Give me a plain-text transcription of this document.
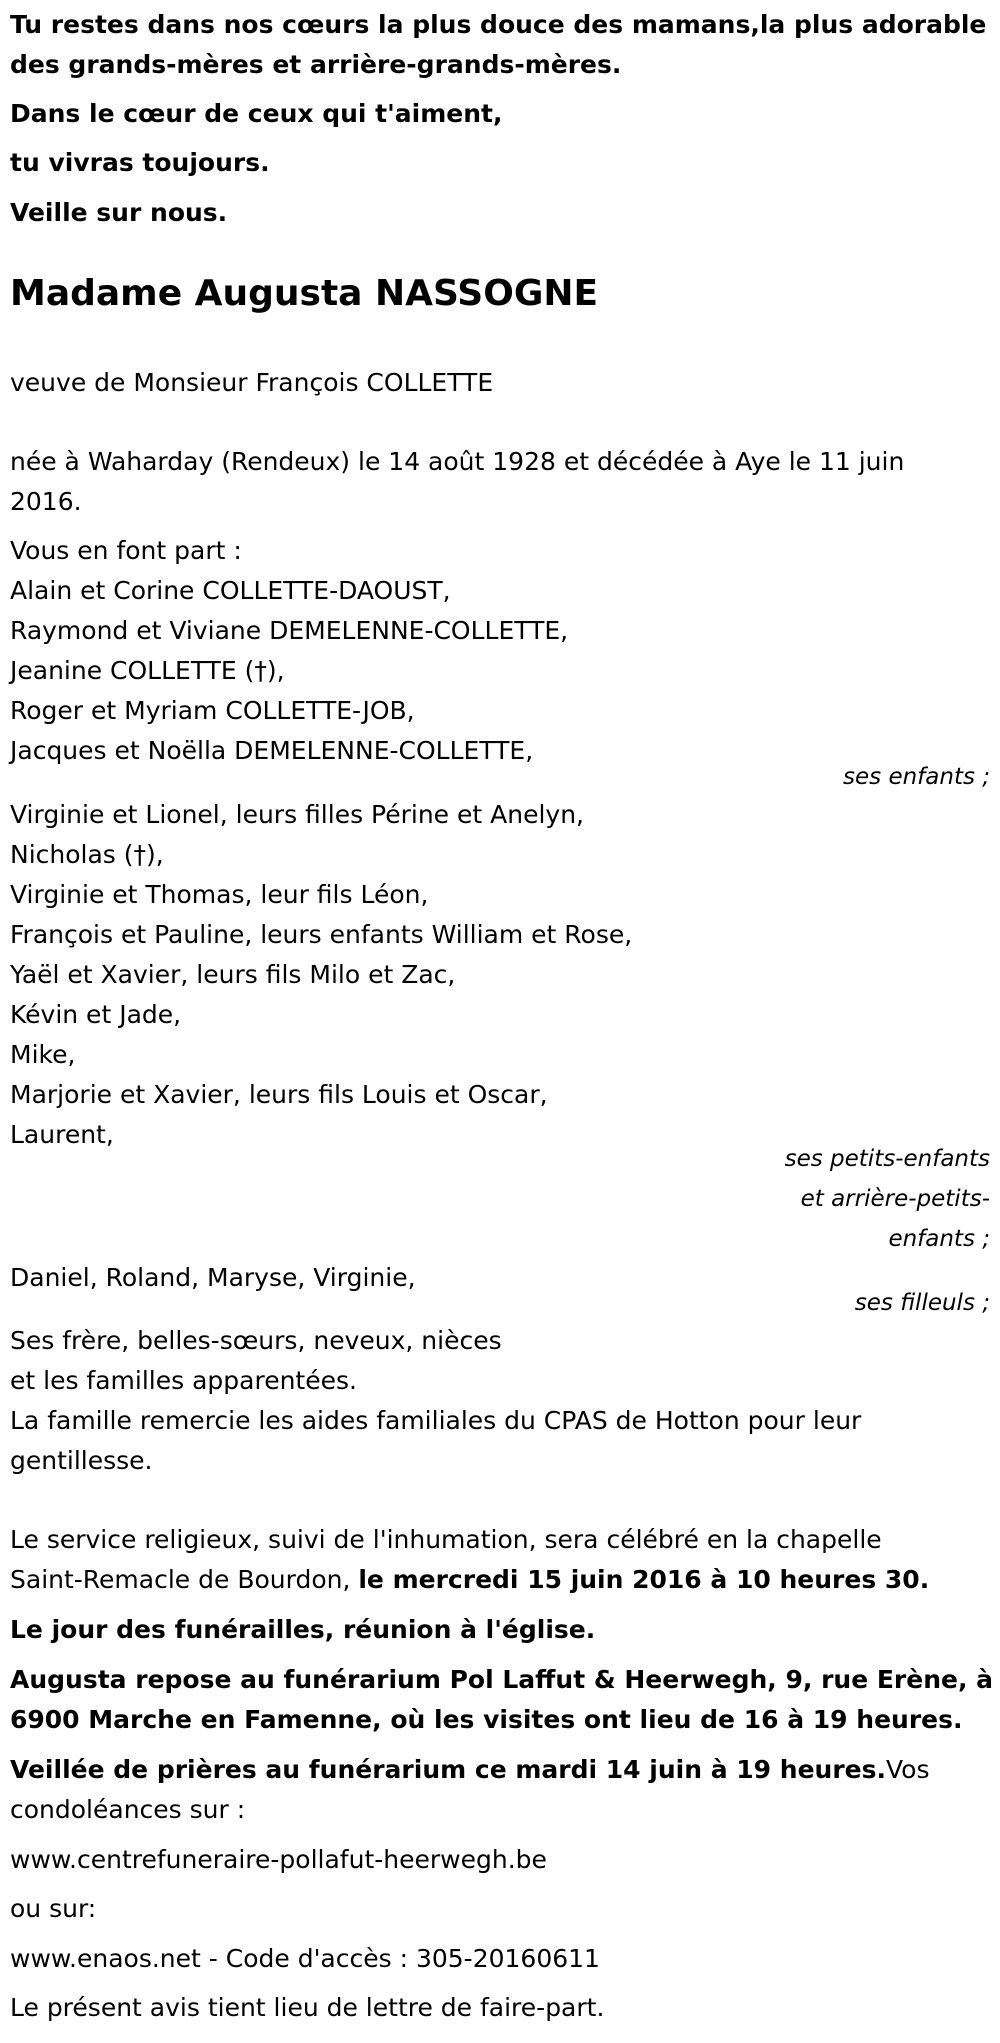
Tu restes dans nos cœurs la plus douce des mamans,la plus adorable
des grands-mères et arrière-grands-mères.
Dans le cœur de ceux qui t'aiment,
tu vivras toujours.
Veille sur nous.
Madame Augusta NASSOGNE
veuve de Monsieur François COLLETTE
née à Waharday (Rendeux) le 14 août 1928 et décédée à Aye le 11 juin
2016.
Vous en font part :
Alain et Corine COLLETTE-DAOUST,
Raymond et Viviane DEMELENNE-COLLETTE,
Jeanine COLLETTE (†),
Roger et Myriam COLLETTE-JOB,
Jacques et Noëlla DEMELENNE-COLLETTE,
ses enfants ;
Virginie et Lionel, leurs filles Périne et Anelyn,
Nicholas (†),
Virginie et Thomas, leur fils Léon,
François et Pauline, leurs enfants William et Rose,
Yaël et Xavier, leurs fils Milo et Zac,
Kévin et Jade,
Mike,
Marjorie et Xavier, leurs fils Louis et Oscar,
Laurent,
ses petits-enfants
et arrière-petits-
enfants ;
Daniel, Roland, Maryse, Virginie,
ses filleuls ;
Ses frère, belles-sœurs, neveux, nièces
et les familles apparentées.
La famille remercie les aides familiales du CPAS de Hotton pour leur
gentillesse.
Le service religieux, suivi de l'inhumation, sera célébré en la chapelle
Saint-Remacle de Bourdon, le mercredi 15 juin 2016 à 10 heures 30.
Le jour des funérailles, réunion à l'église.
Augusta repose au funérarium Pol Laffut & Heerwegh, 9, rue Erène, à
6900 Marche en Famenne, où les visites ont lieu de 16 à 19 heures.
Veillée de prières au funérarium ce mardi 14 juin à 19 heures.Vos
condoléances sur :
www.centrefuneraire-pollafut-heerwegh.be
ou sur:
www.enaos.net - Code d'accès : 305-20160611
Le présent avis tient lieu de lettre de faire-part.
